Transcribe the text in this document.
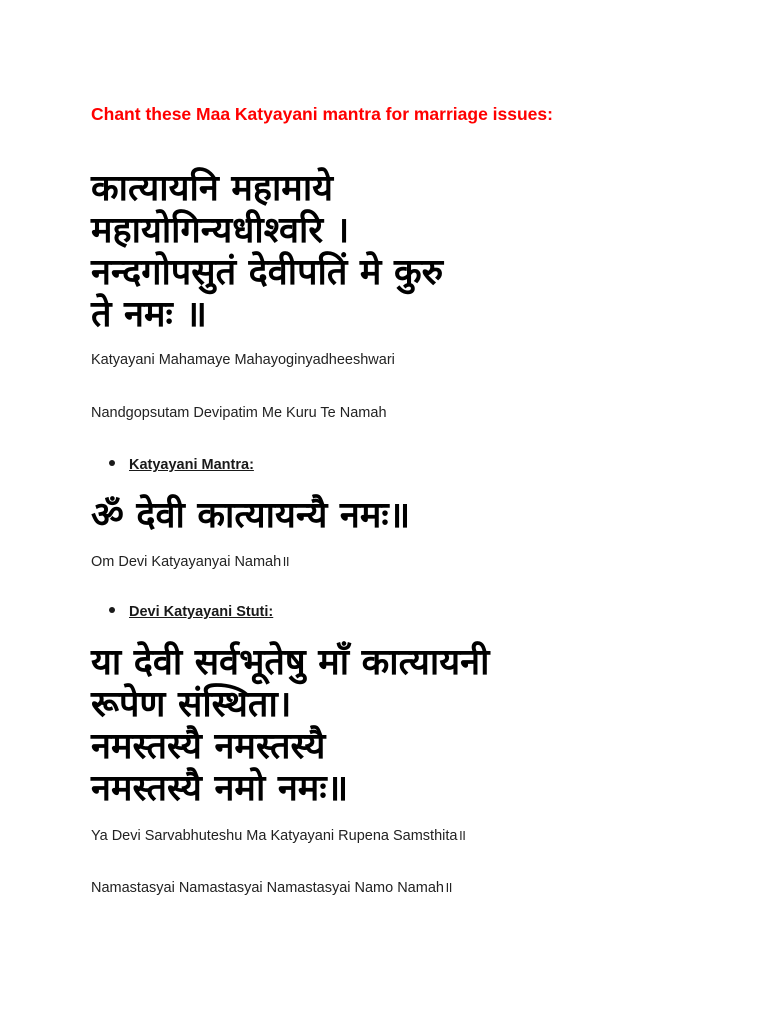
Chant these Maa Katyayani mantra for marriage issues:
कात्यायनि महामाये
महायोगिन्यधीश्वरि ।
नन्दगोपसुतं देवीपतिं मे कुरु
ते नमः ॥

Katyayani Mahamaye Mahayoginyadheeshwari

Nandgopsutam Devipatim Me Kuru Te Namah

Katyayani Mantra:

ॐ देवी कात्यायन्यै नमः॥

Om Devi Katyayanyai Namah॥

Devi Katyayani Stuti:

या देवी सर्वभू‍तेषु माँ कात्यायनी
रूपेण संस्थिता।
नमस्तस्यै नमस्तस्यै
नमस्तस्यै नमो नमः॥

Ya Devi Sarvabhuteshu Ma Katyayani Rupena Samsthita॥

Namastasyai Namastasyai Namastasyai Namo Namah॥
